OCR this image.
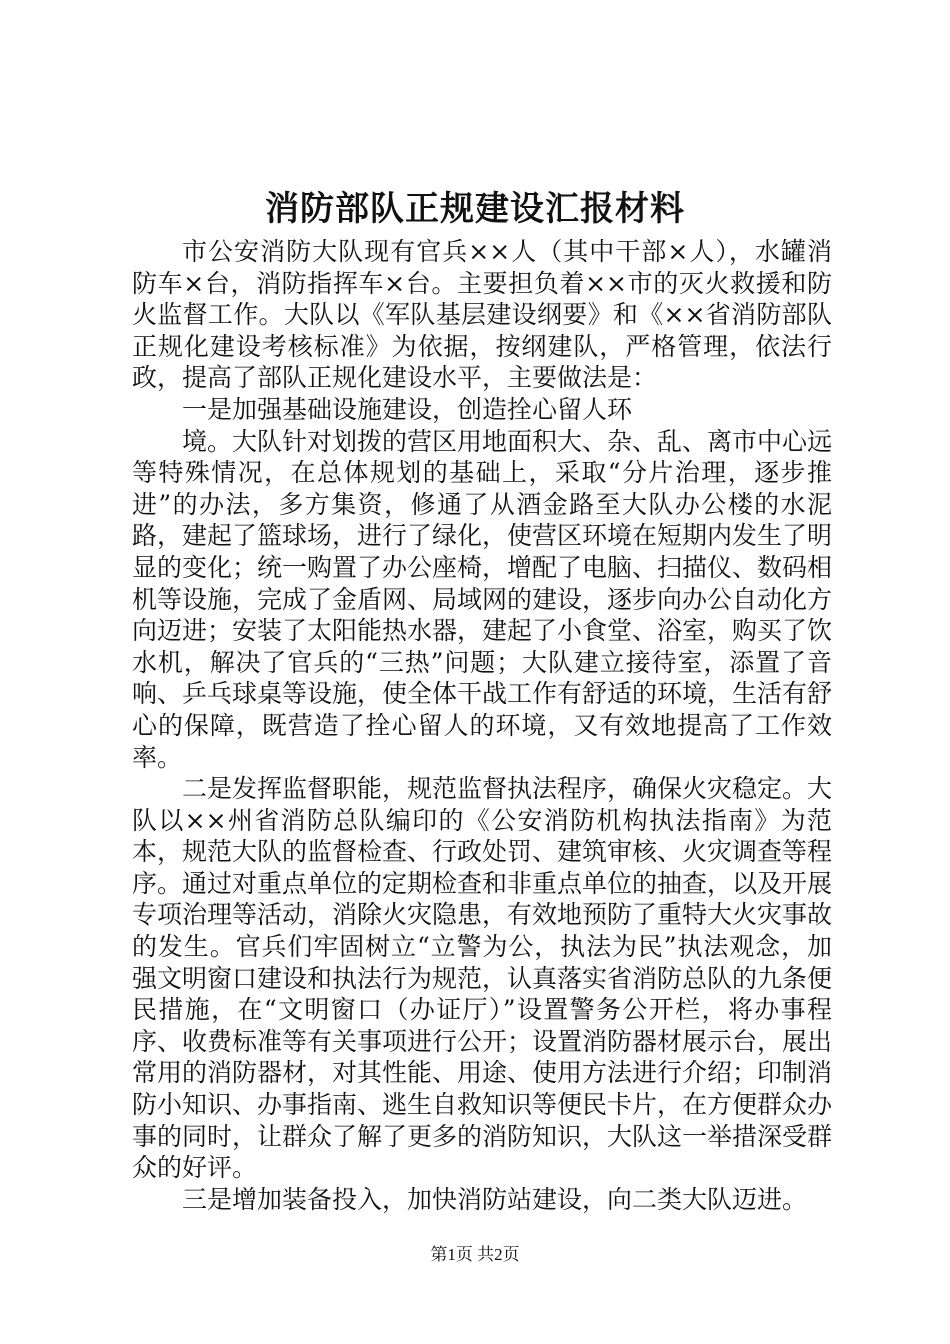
消防部队正规建设汇报材料

市公安消防大队现有官兵××人（其中干部×人），水罐消防车×台，消防指挥车×台。主要担负着××市的灭火救援和防火监督工作。大队以《军队基层建设纲要》和《××省消防部队正规化建设考核标准》为依据，按纲建队，严格管理，依法行政，提高了部队正规化建设水平，主要做法是：

一是加强基础设施建设，创造拴心留人环

境。大队针对划拨的营区用地面积大、杂、乱、离市中心远等特殊情况，在总体规划的基础上，采取“分片治理，逐步推进”的办法，多方集资，修通了从酒金路至大队办公楼的水泥路，建起了篮球场，进行了绿化，使营区环境在短期内发生了明显的变化；统一购置了办公座椅，增配了电脑、扫描仪、数码相机等设施，完成了金盾网、局域网的建设，逐步向办公自动化方向迈进；安装了太阳能热水器，建起了小食堂、浴室，购买了饮水机，解决了官兵的“三热”问题；大队建立接待室，添置了音响、乒乓球桌等设施，使全体干战工作有舒适的环境，生活有舒心的保障，既营造了拴心留人的环境，又有效地提高了工作效率。

二是发挥监督职能，规范监督执法程序，确保火灾稳定。大队以××州省消防总队编印的《公安消防机构执法指南》为范本，规范大队的监督检查、行政处罚、建筑审核、火灾调查等程序。通过对重点单位的定期检查和非重点单位的抽查，以及开展专项治理等活动，消除火灾隐患，有效地预防了重特大火灾事故的发生。官兵们牢固树立“立警为公，执法为民”执法观念，加强文明窗口建设和执法行为规范，认真落实省消防总队的九条便民措施，在“文明窗口（办证厅）”设置警务公开栏，将办事程序、收费标准等有关事项进行公开；设置消防器材展示台，展出常用的消防器材，对其性能、用途、使用方法进行介绍；印制消防小知识、办事指南、逃生自救知识等便民卡片，在方便群众办事的同时，让群众了解了更多的消防知识，大队这一举措深受群众的好评。

三是增加装备投入，加快消防站建设，向二类大队迈进。

第1页 共2页
